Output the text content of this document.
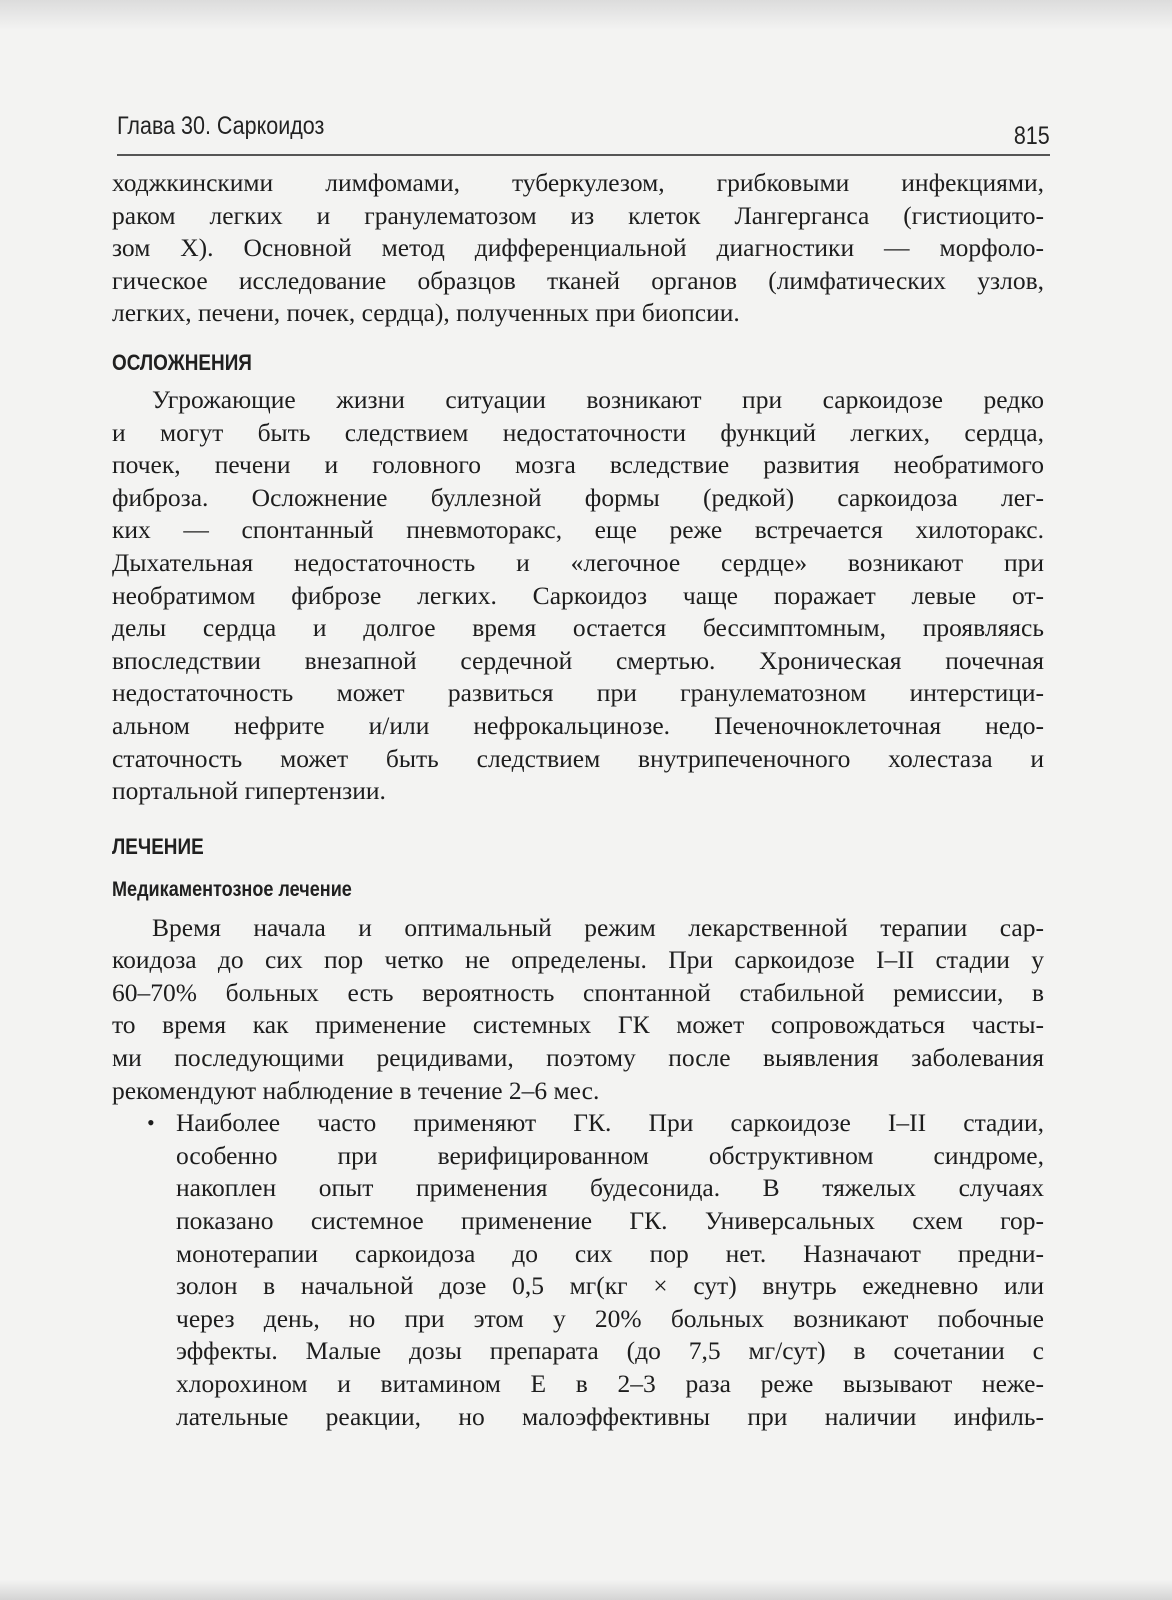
Глава 30. Саркоидоз	815
ходжкинскими лимфомами, туберкулезом, грибковыми инфекциями,
раком легких и гранулематозом из клеток Лангерганса (гистиоцито-
зом Х). Основной метод дифференциальной диагностики — морфоло-
гическое исследование образцов тканей органов (лимфатических узлов,
легких, печени, почек, сердца), полученных при биопсии.
ОСЛОЖНЕНИЯ
Угрожающие жизни ситуации возникают при саркоидозе редко
и могут быть следствием недостаточности функций легких, сердца,
почек, печени и головного мозга вследствие развития необратимого
фиброза. Осложнение буллезной формы (редкой) саркоидоза лег-
ких — спонтанный пневмоторакс, еще реже встречается хилоторакс.
Дыхательная недостаточность и «легочное сердце» возникают при
необратимом фиброзе легких. Саркоидоз чаще поражает левые от-
делы сердца и долгое время остается бессимптомным, проявляясь
впоследствии внезапной сердечной смертью. Хроническая почечная
недостаточность может развиться при гранулематозном интерстици-
альном нефрите и/или нефрокальцинозе. Печеночноклеточная недо-
статочность может быть следствием внутрипеченочного холестаза и
портальной гипертензии.
ЛЕЧЕНИЕ
Медикаментозное лечение
Время начала и оптимальный режим лекарственной терапии сар-
коидоза до сих пор четко не определены. При саркоидозе I–II стадии у
60–70% больных есть вероятность спонтанной стабильной ремиссии, в
то время как применение системных ГК может сопровождаться часты-
ми последующими рецидивами, поэтому после выявления заболевания
рекомендуют наблюдение в течение 2–6 мес.
• Наиболее часто применяют ГК. При саркоидозе I–II стадии,
особенно при верифицированном обструктивном синдроме,
накоплен опыт применения будесонида. В тяжелых случаях
показано системное применение ГК. Универсальных схем гор-
монотерапии саркоидоза до сих пор нет. Назначают предни-
золон в начальной дозе 0,5 мг(кг × сут) внутрь ежедневно или
через день, но при этом у 20% больных возникают побочные
эффекты. Малые дозы препарата (до 7,5 мг/сут) в сочетании с
хлорохином и витамином Е в 2–3 раза реже вызывают неже-
лательные реакции, но малоэффективны при наличии инфиль-
